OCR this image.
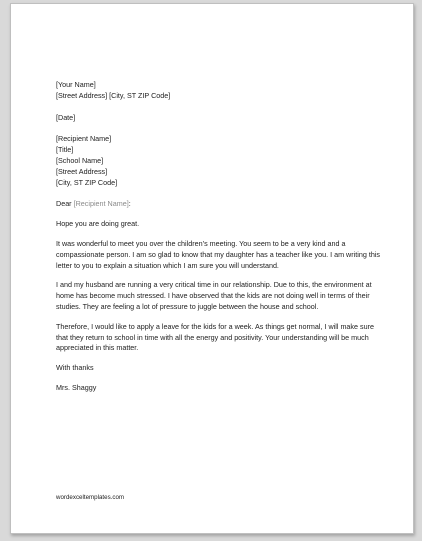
[Your Name]
[Street Address] [City, ST ZIP Code]
[Date]
[Recipient Name]
[Title]
[School Name]
[Street Address]
[City, ST ZIP Code]
Dear [Recipient Name]:
Hope you are doing great.
It was wonderful to meet you over the children’s meeting. You seem to be a very kind and a compassionate person. I am so glad to know that my daughter has a teacher like you. I am writing this letter to you to explain a situation which I am sure you will understand.
I and my husband are running a very critical time in our relationship. Due to this, the environment at home has become much stressed. I have observed that the kids are not doing well in terms of their studies. They are feeling a lot of pressure to juggle between the house and school.
Therefore, I would like to apply a leave for the kids for a week. As things get normal, I will make sure that they return to school in time with all the energy and positivity. Your understanding will be much appreciated in this matter.
With thanks
Mrs. Shaggy
wordexceltemplates.com
